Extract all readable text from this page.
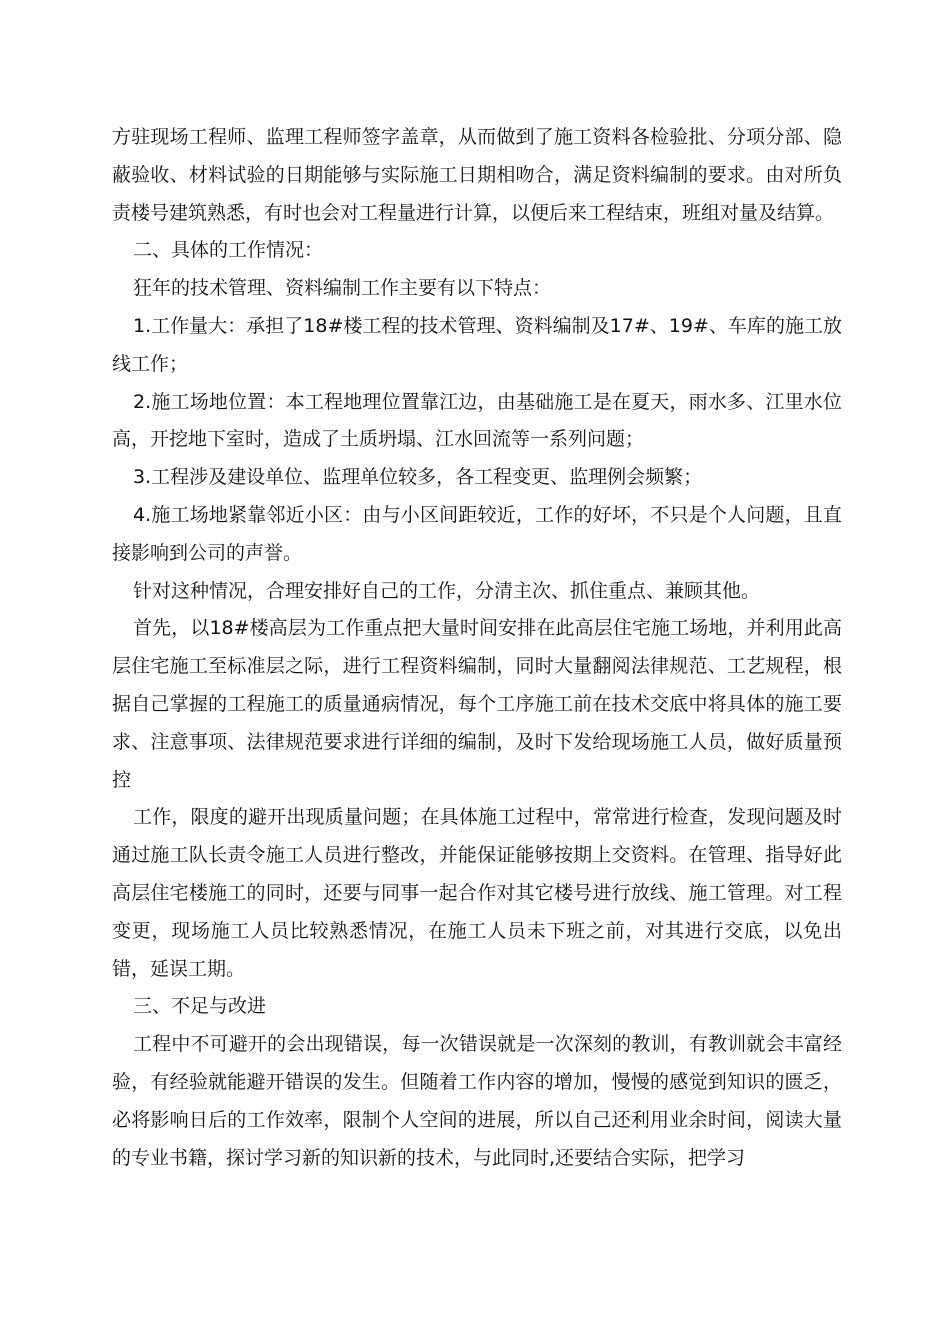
方驻现场工程师、监理工程师签字盖章，从而做到了施工资料各检验批、分项分部、隐蔽验收、材料试验的日期能够与实际施工日期相吻合，满足资料编制的要求。由对所负责楼号建筑熟悉，有时也会对工程量进行计算，以便后来工程结束，班组对量及结算。

二、具体的工作情况：

狂年的技术管理、资料编制工作主要有以下特点：

1.工作量大：承担了18#楼工程的技术管理、资料编制及17#、19#、车库的施工放线工作；

2.施工场地位置：本工程地理位置靠江边，由基础施工是在夏天，雨水多、江里水位高，开挖地下室时，造成了土质坍塌、江水回流等一系列问题；

3.工程涉及建设单位、监理单位较多，各工程变更、监理例会频繁；

4.施工场地紧靠邻近小区：由与小区间距较近，工作的好坏，不只是个人问题，且直接影响到公司的声誉。

针对这种情况，合理安排好自己的工作，分清主次、抓住重点、兼顾其他。

首先，以18#楼高层为工作重点把大量时间安排在此高层住宅施工场地，并利用此高层住宅施工至标准层之际，进行工程资料编制，同时大量翻阅法律规范、工艺规程，根据自己掌握的工程施工的质量通病情况，每个工序施工前在技术交底中将具体的施工要求、注意事项、法律规范要求进行详细的编制，及时下发给现场施工人员，做好质量预控

工作，限度的避开出现质量问题；在具体施工过程中，常常进行检查，发现问题及时通过施工队长责令施工人员进行整改，并能保证能够按期上交资料。在管理、指导好此高层住宅楼施工的同时，还要与同事一起合作对其它楼号进行放线、施工管理。对工程变更，现场施工人员比较熟悉情况，在施工人员未下班之前，对其进行交底，以免出错，延误工期。

三、不足与改进

工程中不可避开的会出现错误，每一次错误就是一次深刻的教训，有教训就会丰富经验，有经验就能避开错误的发生。但随着工作内容的增加，慢慢的感觉到知识的匮乏，必将影响日后的工作效率，限制个人空间的进展，所以自己还利用业余时间，阅读大量的专业书籍，探讨学习新的知识新的技术，与此同时,还要结合实际，把学习
